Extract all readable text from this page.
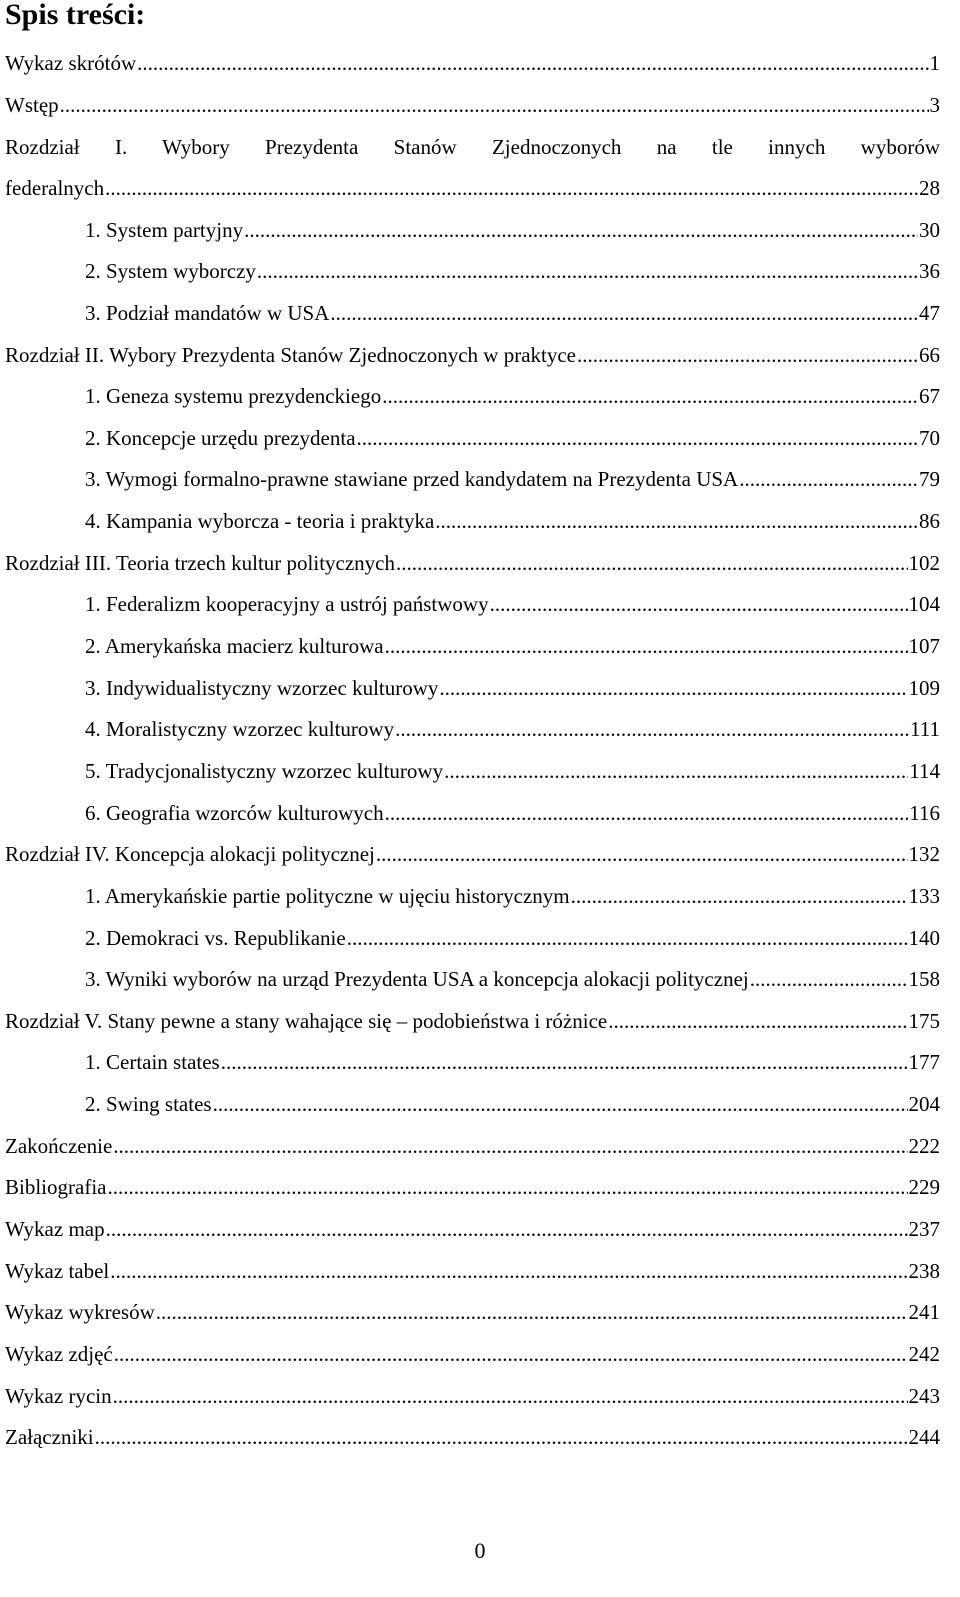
Spis treści:
Wykaz skrótów .....	1
Wstęp .....	3
Rozdział I. Wybory Prezydenta Stanów Zjednoczonych na tle innych wyborów
federalnych .....	28
1. System partyjny .....	30
2. System wyborczy .....	36
3. Podział mandatów w USA .....	47
Rozdział II. Wybory Prezydenta Stanów Zjednoczonych w praktyce .....	66
1. Geneza systemu prezydenckiego .....	67
2. Koncepcje urzędu prezydenta .....	70
3. Wymogi formalno-prawne stawiane przed kandydatem na Prezydenta USA .....	79
4. Kampania wyborcza - teoria i praktyka .....	86
Rozdział III. Teoria trzech kultur politycznych .....	102
1. Federalizm kooperacyjny a ustrój państwowy .....	104
2. Amerykańska macierz kulturowa .....	107
3. Indywidualistyczny wzorzec kulturowy .....	109
4. Moralistyczny wzorzec kulturowy .....	111
5. Tradycjonalistyczny wzorzec kulturowy .....	114
6. Geografia wzorców kulturowych .....	116
Rozdział IV. Koncepcja alokacji politycznej .....	132
1. Amerykańskie partie polityczne w ujęciu historycznym .....	133
2. Demokraci vs. Republikanie .....	140
3. Wyniki wyborów na urząd Prezydenta USA a koncepcja alokacji politycznej .....	158
Rozdział V. Stany pewne a stany wahające się – podobieństwa i różnice .....	175
1. Certain states .....	177
2. Swing states .....	204
Zakończenie .....	222
Bibliografia .....	229
Wykaz map .....	237
Wykaz tabel .....	238
Wykaz wykresów .....	241
Wykaz zdjęć .....	242
Wykaz rycin .....	243
Załączniki .....	244
0
